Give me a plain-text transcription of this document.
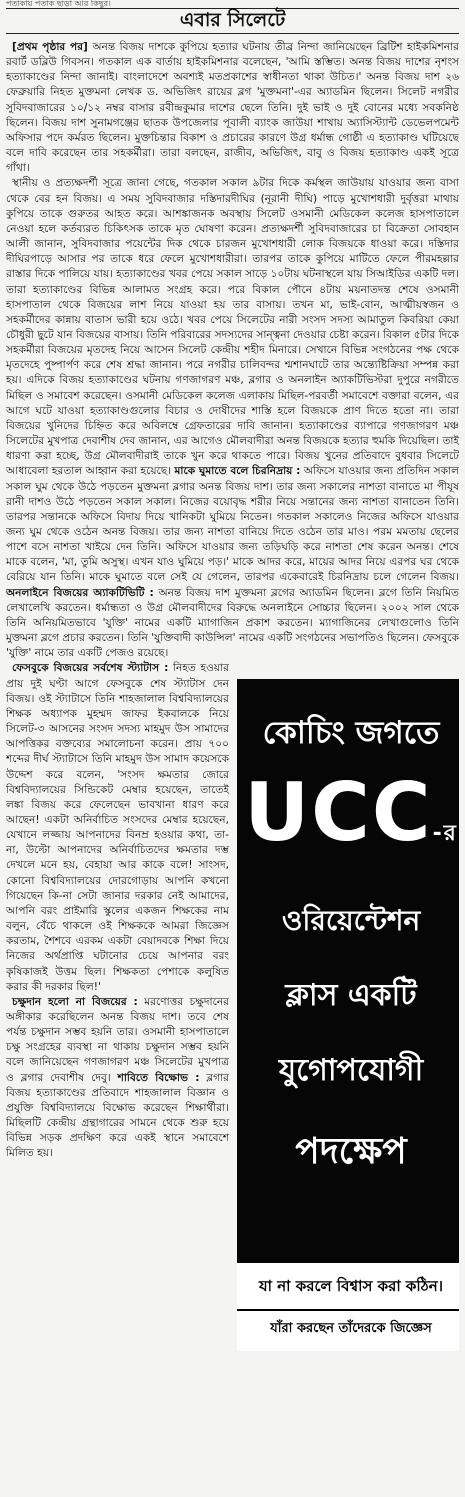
পতাকায় পতাক ছাড়া আর কিছুর।
এবার সিলেটে

[প্রথম পৃষ্ঠার পর] অনন্ত বিজয় দাশকে কুপিয়ে হত্যার ঘটনায় তীব্র নিন্দা জানিয়েছেন ব্রিটিশ হাইকমিশনার রবার্ট ডব্লিউ গিবসন। গতকাল এক বার্তায় হাইকমিশনার বলেছেন, 'আমি স্তম্ভিত। অনন্ত বিজয় দাশের নৃশংস হত্যাকাণ্ডের নিন্দা জানাই। বাংলাদেশে অবশ্যই মতপ্রকাশের স্বাধীনতা থাকা উচিত।' অনন্ত বিজয় দাশ ২৬ ফেব্রুয়ারি নিহত মুক্তমনা লেখক ড. অভিজিৎ রায়ের ব্লগ 'মুক্তমনা'-এর অ্যাডমিন ছিলেন। সিলেট নগরীর সুবিদবাজারের ১০/১২ নম্বর বাসার রবীন্দ্রকুমার দাশের ছেলে তিনি। দুই ভাই ও দুই বোনের মধ্যে সবকনিষ্ঠ ছিলেন। বিজয় দাশ সুনামগঞ্জের ছাতক উপজেলার পূবালী ব্যাংক জাউয়া শাখায় অ্যাসিস্ট্যান্ট ডেভেলপমেন্ট অফিসার পদে কর্মরত ছিলেন। মুক্তচিন্তার বিকাশ ও প্রচারের কারণে উগ্র ধর্মান্ধ গোষ্ঠী এ হত্যাকাণ্ড ঘটিয়েছে বলে দাবি করেছেন তার সহকর্মীরা। তারা বলছেন, রাজীব, অভিজিৎ, বাবু ও বিজয় হত্যাকাণ্ড একই সূত্রে গাঁথা।

স্থানীয় ও প্রত্যক্ষদর্শী সূত্রে জানা গেছে, গতকাল সকাল ৯টার দিকে কর্মস্থল জাউয়ায় যাওয়ার জন্য বাসা থেকে বের হন বিজয়। এ সময় সুবিদবাজার দস্তিদারদীঘির (নূরানী দীঘি) পাড়ে মুখোশধারী দুর্বৃত্তরা মাথায় কুপিয়ে তাকে গুরুতর আহত করে। আশঙ্কাজনক অবস্থায় সিলেট ওসমানী মেডিকেল কলেজ হাসপাতালে নেওয়া হলে কর্তব্যরত চিকিৎসক তাকে মৃত ঘোষণা করেন। প্রত্যক্ষদর্শী সুবিদবাজারের চা বিক্রেতা সোবহান আলী জানান, সুবিদবাজার পয়েন্টের দিক থেকে চারজন মুখোশধারী লোক বিজয়কে ধাওয়া করে। দস্তিদার দীঘিরপাড়ে আসার পর তাকে ধরে ফেলে মুখোশধারীরা। তারপর তাকে কুপিয়ে মাটিতে ফেলে পীরমহল্লার রাস্তার দিকে পালিয়ে যায়। হত্যাকাণ্ডের খবর পেয়ে সকাল সাড়ে ১০টায় ঘটনাস্থলে যায় সিআইডির একটি দল। তারা হত্যাকাণ্ডের বিভিন্ন আলামত সংগ্রহ করে। পরে বিকাল পৌনে ৪টায় ময়নাতদন্ত শেষে ওসমানী হাসপাতাল থেকে বিজয়ের লাশ নিয়ে যাওয়া হয় তার বাসায়। তখন মা, ভাই-বোন, আত্মীয়স্বজন ও সহকর্মীদের কান্নায় বাতাস ভারী হয়ে ওঠে। খবর পেয়ে সিলেটের নারী সংসদ সদস্য আমাতুল কিবরিয়া কেয়া চৌধুরী ছুটে যান বিজয়ের বাসায়। তিনি পরিবারের সদস্যদের সান্ত্বনা দেওয়ার চেষ্টা করেন। বিকাল ৫টার দিকে সহকর্মীরা বিজয়ের মৃতদেহ নিয়ে আসেন সিলেট কেন্দ্রীয় শহীদ মিনারে। সেখানে বিভিন্ন সংগঠনের পক্ষ থেকে মৃতদেহে পুষ্পার্পণ করে শেষ শ্রদ্ধা জানান। পরে নগরীর চালিবন্দর শ্মশানঘাটে তার অন্ত্যেষ্টিক্রিয়া সম্পন্ন করা হয়। এদিকে বিজয় হত্যাকাণ্ডের ঘটনায় গণজাগরণ মঞ্চ, ব্লগার ও অনলাইন অ্যাকটিভিস্টরা দুপুরে নগরীতে মিছিল ও সমাবেশ করেছেন। ওসমানী মেডিকেল কলেজ এলাকায় মিছিল-পরবর্তী সমাবেশে বক্তারা বলেন, এর আগে ঘটে যাওয়া হত্যাকাণ্ডগুলোর বিচার ও দোষীদের শাস্তি হলে বিজয়কে প্রাণ দিতে হতো না। তারা বিজয়ের খুনিদের চিহ্নিত করে অবিলম্বে গ্রেফতারের দাবি জানান। হত্যাকাণ্ডের ব্যাপারে গণজাগরণ মঞ্চ সিলেটের মুখপাত্র দেবাশীষ দেব জানান, এর আগেও মৌলবাদীরা অনন্ত বিজয়কে হত্যার হুমকি দিয়েছিল। তাই ধারণা করা হচ্ছে, উগ্র মৌলবাদীরাই তাকে খুন করে থাকতে পারে। বিজয় খুনের প্রতিবাদে বুধবার সিলেটে আধাবেলা হরতাল আহ্বান করা হয়েছে। মাকে ঘুমাতে বলে চিরনিদ্রায় : অফিসে যাওয়ার জন্য প্রতিদিন সকাল সকাল ঘুম থেকে উঠে পড়তেন মুক্তমনা ব্লগার অনন্ত বিজয় দাশ। তার জন্য সকালের নাশতা বানাতে মা পীযূষ রানী দাশও উঠে পড়তেন সকাল সকাল। নিজের বয়োবৃদ্ধ শরীর নিয়ে সন্তানের জন্য নাশতা বানাতেন তিনি। তারপর সন্তানকে অফিসে বিদায় দিয়ে খানিকটা ঘুমিয়ে নিতেন। গতকাল সকালেও নিজের অফিসে যাওয়ার জন্য ঘুম থেকে ওঠেন অনন্ত বিজয়। তার জন্য নাশতা বানিয়ে দিতে ওঠেন তার মাও। পরম মমতায় ছেলের পাশে বসে নাশতা খাইয়ে দেন তিনি। অফিসে যাওয়ার জন্য তড়িঘড়ি করে নাশতা শেষ করেন অনন্ত। শেষে মাকে বলেন, 'মা, তুমি অসুস্থ। এখন যাও ঘুমিয়ে পড়।' মাকে আদর করে, মায়ের আদর নিয়ে এরপর ঘর থেকে বেরিয়ে যান তিনি। মাকে ঘুমাতে বলে সেই যে গেলেন, তারপর একেবারেই চিরনিদ্রায় চলে গেলেন বিজয়। অনলাইনে বিজয়ের অ্যাকটিভিটি : অনন্ত বিজয় দাশ মুক্তমনা ব্লগের অ্যাডমিন ছিলেন। ব্লগে তিনি নিয়মিত লেখালেখি করতেন। ধর্মান্ধতা ও উগ্র মৌলবাদীদের বিরুদ্ধে অনলাইনে সোচ্চার ছিলেন। ২০০২ সাল থেকে তিনি অনিয়মিতভাবে 'যুক্তি' নামের একটি ম্যাগাজিন প্রকাশ করতেন। ম্যাগাজিনের লেখাগুলোও তিনি মুক্তমনা ব্লগে প্রচার করতেন। তিনি 'যুক্তিবাদী কাউন্সিল' নামের একটি সংগঠনের সভাপতিও ছিলেন। ফেসবুকে 'যুক্তি' নামে তার একটি পেজও রয়েছে।

কোচিং জগতে
UCC-র
ওরিয়েন্টেশন
ক্লাস একটি
যুগোপযোগী
পদক্ষেপ
যা না করলে বিশ্বাস করা কঠিন।
যাঁরা করছেন তাঁদেরকে জিজ্ঞেস

ফেসবুকে বিজয়ের সর্বশেষ স্ট্যাটাস : নিহত হওয়ার প্রায় দুই ঘণ্টা আগে ফেসবুকে শেষ স্ট্যাটাস দেন বিজয়। ওই স্ট্যাটাসে তিনি শাহজালাল বিশ্ববিদ্যালয়ের শিক্ষক অধ্যাপক মুহম্মদ জাফর ইকবালকে নিয়ে সিলেট-৩ আসনের সংসদ সদস্য মাহমুদ উস সামাদের আপত্তিকর বক্তব্যের সমালোচনা করেন। প্রায় ৭০০ শব্দের দীর্ঘ স্ট্যাটাসে তিনি মাহমুদ উস সামাদ কয়েসকে উদ্দেশ করে বলেন, 'সংসদ ক্ষমতার জোরে বিশ্ববিদ্যালয়ের সিন্ডিকেট মেম্বার হয়েছেন, তাতেই লঙ্কা বিজয় করে ফেলেছেন ভাবখানা ধারণ করে আছেন! একটা অনির্বাচিত সংসদের মেম্বার হয়েছেন, যেখানে লজ্জায় আপনাদের বিনম্র হওয়ার কথা, তা-না, উল্টো আপনাদের অনির্বাচিতদের ক্ষমতার দম্ভ দেখলে মনে হয়, বেহায়া আর কাকে বলে! সাংসদ, কোনো বিশ্ববিদ্যালয়ের দোরগোড়ায় আপনি কখনো গিয়েছেন কি-না সেটা জানার দরকার নেই আমাদের, আপনি বরং প্রাইমারি স্কুলের একজন শিক্ষকের নাম বলুন, বেঁচে থাকলে ওই শিক্ষককে আমরা জিজ্ঞেস করতাম, শৈশবে এরকম একটা বেয়াদবকে শিক্ষা দিয়ে নিজের অর্থপ্রাপ্তি ঘটানোর চেয়ে আপনার বরং কৃষিকাজই উত্তম ছিল। শিক্ষকতা পেশাকে কলুষিত করার কী দরকার ছিল!'

চক্ষুদান হলো না বিজয়ের : মরণোত্তর চক্ষুদানের অঙ্গীকার করেছিলেন অনন্ত বিজয় দাশ। তবে শেষ পর্যন্ত চক্ষুদান সম্ভব হয়নি তার। ওসমানী হাসপাতালে চক্ষু সংগ্রহের ব্যবস্থা না থাকায় চক্ষুদান সম্ভব হয়নি বলে জানিয়েছেন গণজাগরণ মঞ্চ সিলেটের মুখপাত্র ও ব্লগার দেবাশীষ দেবু। শাবিতে বিক্ষোভ : ব্লগার বিজয় হত্যাকাণ্ডের প্রতিবাদে শাহজালাল বিজ্ঞান ও প্রযুক্তি বিশ্ববিদ্যালয়ে বিক্ষোভ করেছেন শিক্ষার্থীরা। মিছিলটি কেন্দ্রীয় গ্রন্থাগারের সামনে থেকে শুরু হয়ে বিভিন্ন সড়ক প্রদক্ষিণ করে একই স্থানে সমাবেশে মিলিত হয়।
